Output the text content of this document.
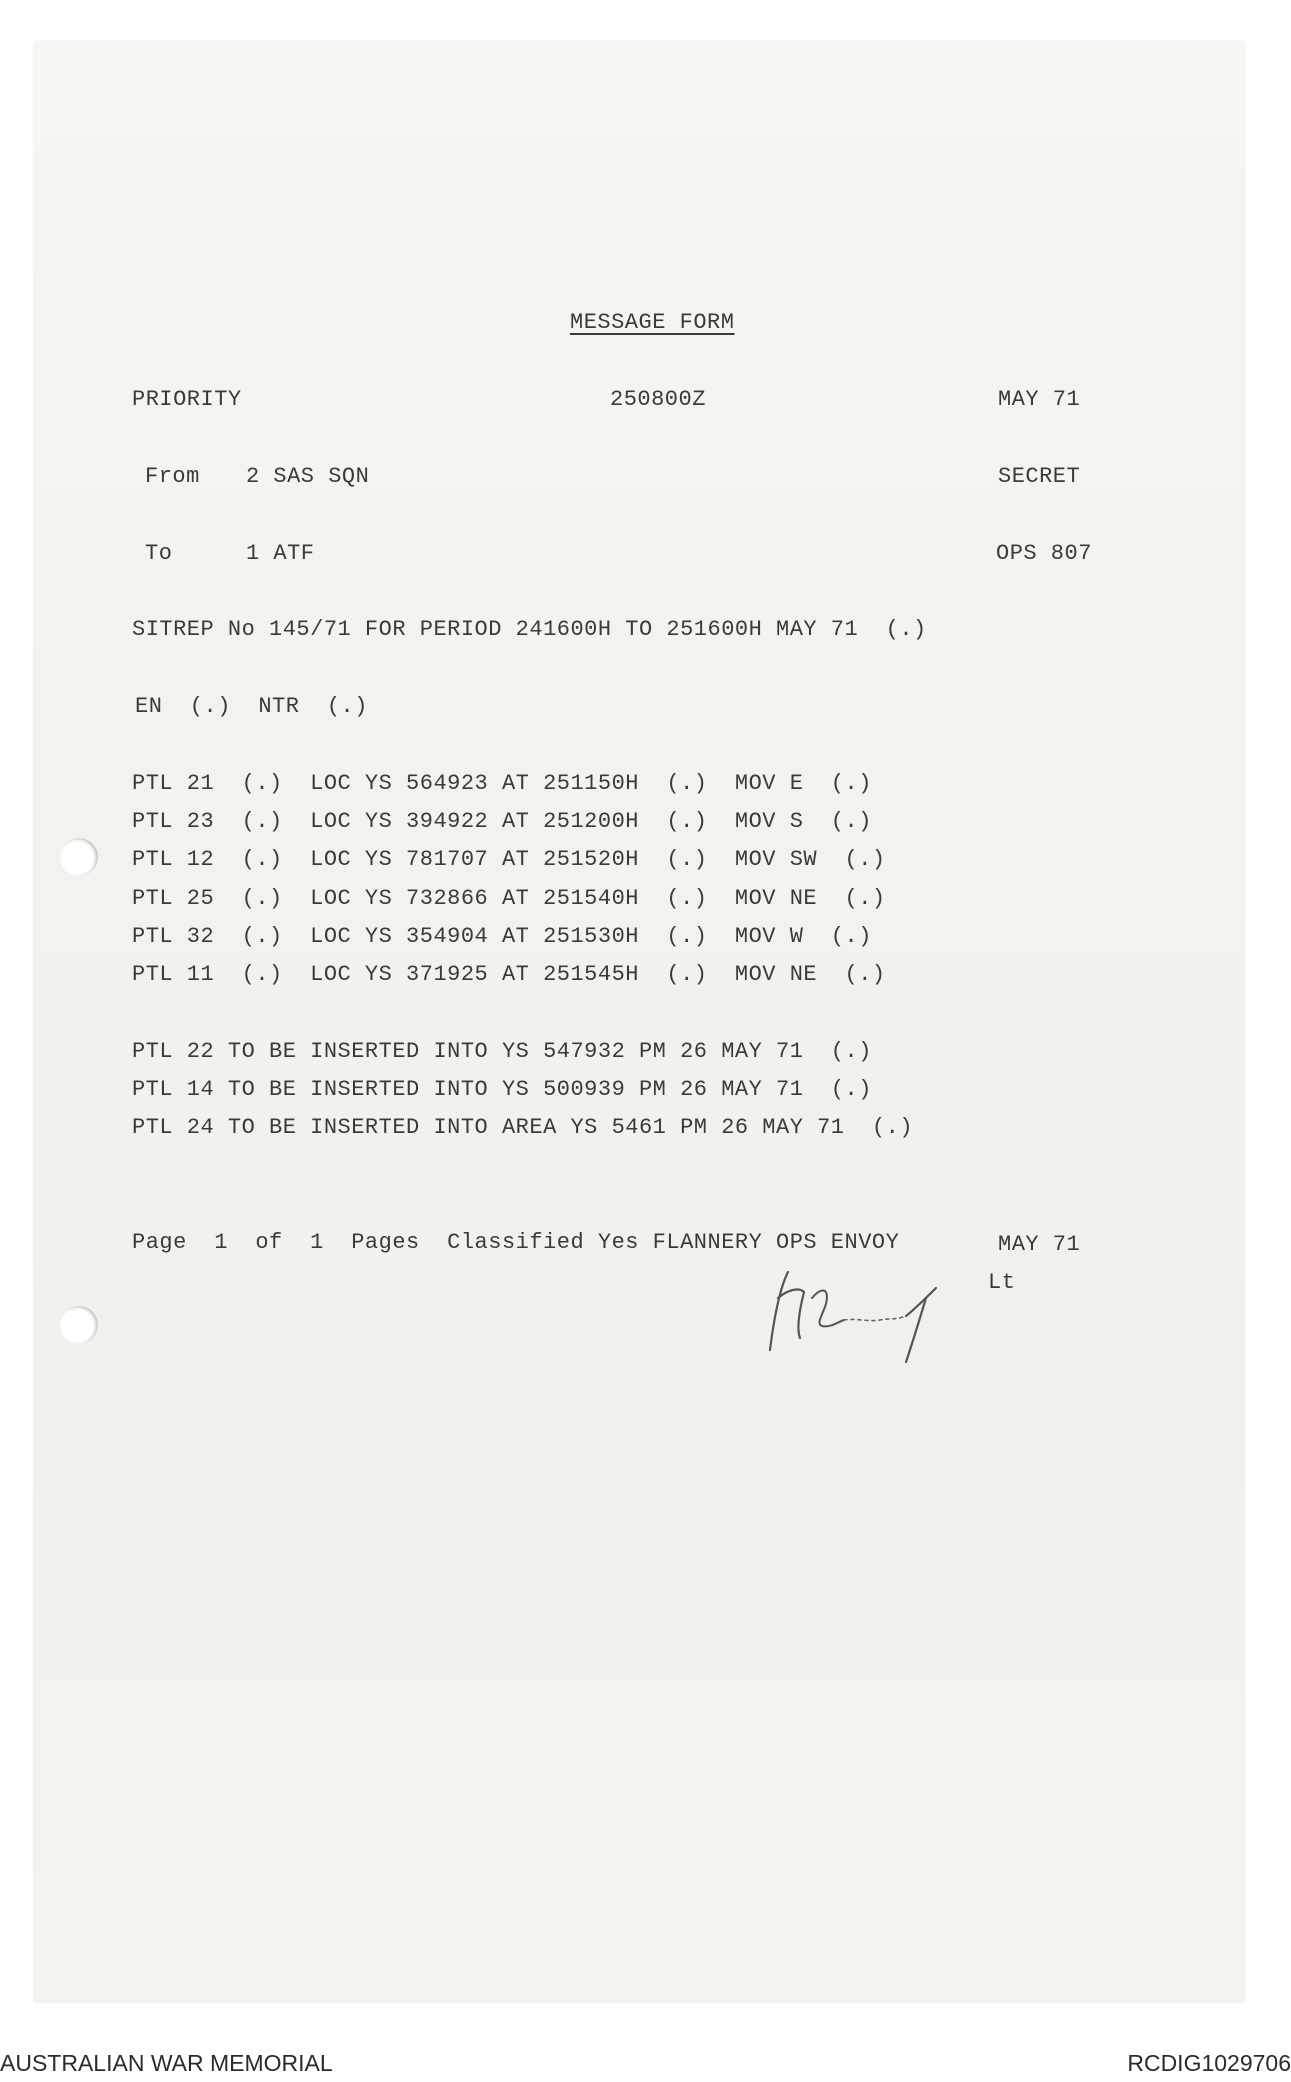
MESSAGE FORM
PRIORITY	250800Z	MAY 71
From 2 SAS SQN	SECRET
To	1 ATF	OPS 807
SITREP No 145/71 FOR PERIOD 241600H TO 251600H MAY 71  (.)
EN  (.)  NTR  (.)
PTL 21  (.)  LOC YS 564923 AT 251150H  (.)  MOV E  (.)
PTL 23  (.)  LOC YS 394922 AT 251200H  (.)  MOV S  (.)
PTL 12  (.)  LOC YS 781707 AT 251520H  (.)  MOV SW  (.)
PTL 25  (.)  LOC YS 732866 AT 251540H  (.)  MOV NE  (.)
PTL 32  (.)  LOC YS 354904 AT 251530H  (.)  MOV W  (.)
PTL 11  (.)  LOC YS 371925 AT 251545H  (.)  MOV NE  (.)
PTL 22 TO BE INSERTED INTO YS 547932 PM 26 MAY 71  (.)
PTL 14 TO BE INSERTED INTO YS 500939 PM 26 MAY 71  (.)
PTL 24 TO BE INSERTED INTO AREA YS 5461 PM 26 MAY 71  (.)
Page  1  of  1  Pages  Classified Yes FLANNERY OPS ENVOY	MAY 71
Lt
AUSTRALIAN WAR MEMORIAL	RCDIG1029706
